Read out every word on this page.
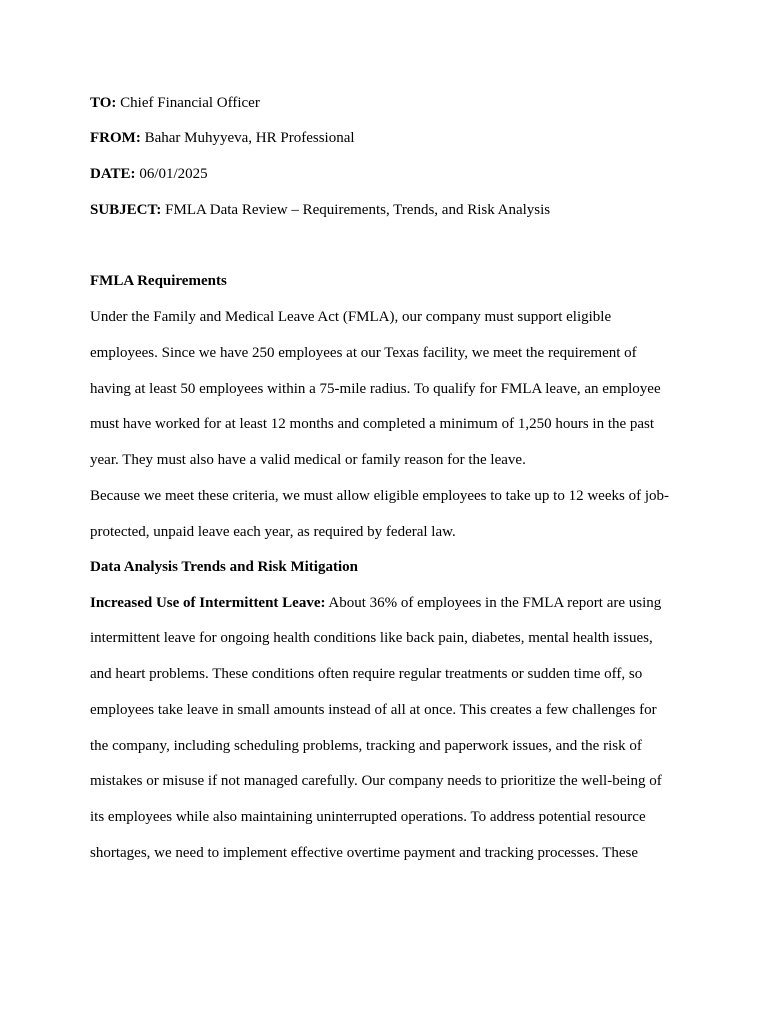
TO: Chief Financial Officer
FROM: Bahar Muhyyeva, HR Professional
DATE: 06/01/2025
SUBJECT: FMLA Data Review – Requirements, Trends, and Risk Analysis
FMLA Requirements
Under the Family and Medical Leave Act (FMLA), our company must support eligible
employees. Since we have 250 employees at our Texas facility, we meet the requirement of
having at least 50 employees within a 75-mile radius. To qualify for FMLA leave, an employee
must have worked for at least 12 months and completed a minimum of 1,250 hours in the past
year. They must also have a valid medical or family reason for the leave.
Because we meet these criteria, we must allow eligible employees to take up to 12 weeks of job-
protected, unpaid leave each year, as required by federal law.
Data Analysis Trends and Risk Mitigation
Increased Use of Intermittent Leave: About 36% of employees in the FMLA report are using
intermittent leave for ongoing health conditions like back pain, diabetes, mental health issues,
and heart problems. These conditions often require regular treatments or sudden time off, so
employees take leave in small amounts instead of all at once. This creates a few challenges for
the company, including scheduling problems, tracking and paperwork issues, and the risk of
mistakes or misuse if not managed carefully. Our company needs to prioritize the well-being of
its employees while also maintaining uninterrupted operations. To address potential resource
shortages, we need to implement effective overtime payment and tracking processes. These
